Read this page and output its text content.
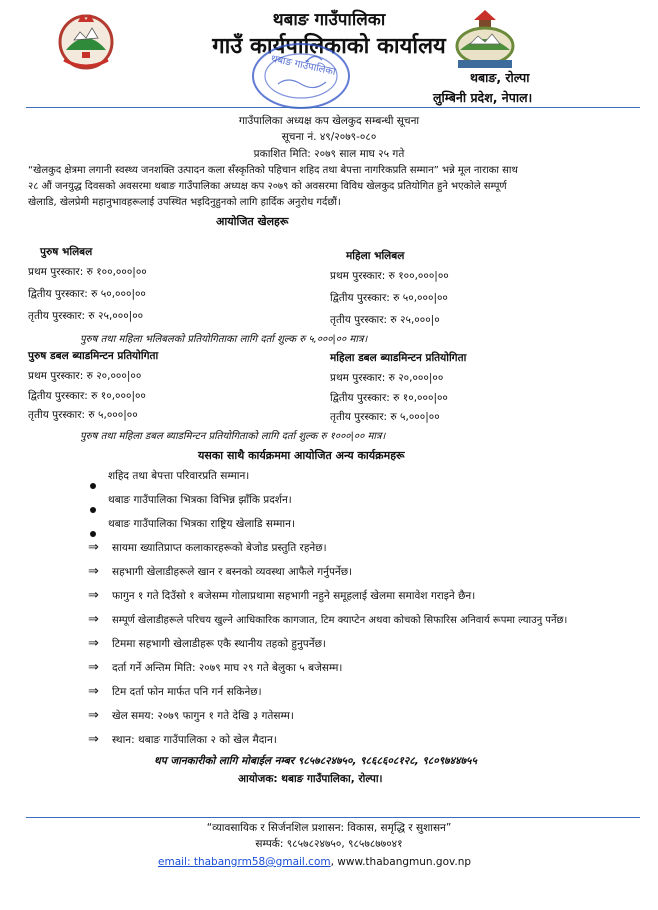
थबाङ गाउँपालिका
गाउँ कार्यपालिकाको कार्यालय
थबाङ गाउँपालिका	थबाङ, रोल्पा
लुम्बिनी प्रदेश, नेपाल।
गाउँपालिका अध्यक्ष कप खेलकुद सम्बन्धी सूचना
सूचना नं. ४९/२०७९-०८०
प्रकाशित मिति: २०७९ साल माघ २५ गते
“खेलकुद क्षेत्रमा लगानी स्वस्थ्य जनशक्ति उत्पादन कला सँस्कृतिको पहिचान शहिद तथा बेपत्ता नागरिकप्रति सम्मान” भन्ने मूल नाराका साथ
२८ औं जनयुद्ध दिवसको अवसरमा थबाङ गाउँपालिका अध्यक्ष कप २०७९ को अवसरमा विविध खेलकुद प्रतियोगित हुने भएकोले सम्पूर्ण
खेलाडि, खेलप्रेमी महानुभावहरूलाई उपस्थित भइदिनुहुनको लागि हार्दिक अनुरोध गर्दछौं।
आयोजित खेलहरू
पुरुष भलिबल
प्रथम पुरस्कार: रु १००,०००|००
द्वितीय पुरस्कार: रु ५०,०००|००
तृतीय पुरस्कार: रु २५,०००|००
महिला भलिबल
प्रथम पुरस्कार: रु १००,०००|००
द्वितीय पुरस्कार: रु ५०,०००|००
तृतीय पुरस्कार: रु २५,०००|०
पुरुष तथा महिला भलिबलको प्रतियोगिताका लागि दर्ता शुल्क रु ५,०००|०० मात्र।
पुरुष डबल ब्याडमिन्टन प्रतियोगिता
प्रथम पुरस्कार: रु २०,०००|००
द्वितीय पुरस्कार: रु १०,०००|००
तृतीय पुरस्कार: रु ५,०००|००
महिला डबल ब्याडमिन्टन प्रतियोगिता
प्रथम पुरस्कार: रु २०,०००|००
द्वितीय पुरस्कार: रु १०,०००|००
तृतीय पुरस्कार: रु ५,०००|००
पुरुष तथा महिला डबल ब्याडमिन्टन प्रतियोगिताको लागि दर्ता शुल्क रु १०००|०० मात्र।
यसका साथै कार्यक्रममा आयोजित अन्य कार्यक्रमहरू
शहिद तथा बेपत्ता परिवारप्रति सम्मान।
थबाङ गाउँपालिका भित्रका विभिन्न झाँकि प्रदर्शन।
थबाङ गाउँपालिका भित्रका राष्ट्रिय खेलाडि सम्मान।
⇒ सायमा ख्यातिप्राप्त कलाकारहरूको बेजोड प्रस्तुति रहनेछ।
⇒ सहभागी खेलाडीहरूले खान र बस्नको व्यवस्था आफैले गर्नुपर्नेछ।
⇒ फागुन १ गते दिउँसो १ बजेसम्म गोलाप्रथामा सहभागी नहुने समूहलाई खेलमा समावेश गराइने छैन।
⇒ सम्पूर्ण खेलाडीहरूले परिचय खुल्ने आधिकारिक कागजात, टिम क्याप्टेन अथवा कोचको सिफारिस अनिवार्य रूपमा ल्याउनु पर्नेछ।
⇒ टिममा सहभागी खेलाडीहरू एकै स्थानीय तहको हुनुपर्नेछ।
⇒ दर्ता गर्ने अन्तिम मिति: २०७९ माघ २९ गते बेलुका ५ बजेसम्म।
⇒ टिम दर्ता फोन मार्फत पनि गर्न सकिनेछ।
⇒ खेल समय: २०७९ फागुन १ गते देखि ३ गतेसम्म।
⇒ स्थान: थबाङ गाउँपालिका २ को खेल मैदान।
थप जानकारीको लागि मोबाईल नम्बर ९८५७८२४७५०, ९८६८६०८१२८, ९८०९७४४७५५
आयोजक: थबाङ गाउँपालिका, रोल्पा।
“व्यावसायिक र सिर्जनशिल प्रशासन: विकास, समृद्धि र सुशासन”
सम्पर्क: ९८५७८२४७५०, ९८५७८७७०४१
email: thabangrm58@gmail.com, www.thabangmun.gov.np
